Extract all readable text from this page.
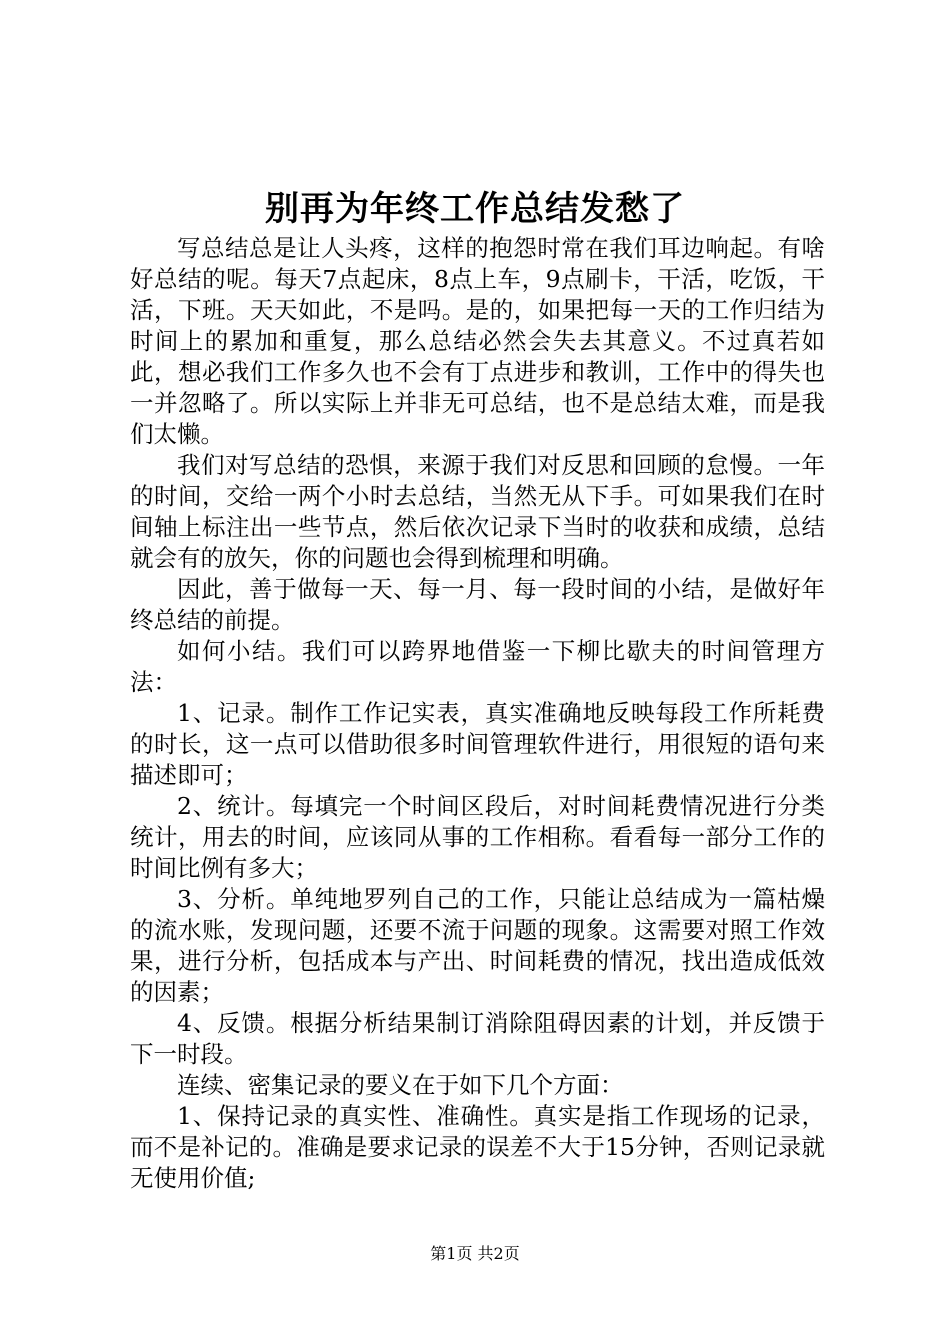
别再为年终工作总结发愁了

写总结总是让人头疼，这样的抱怨时常在我们耳边响起。有啥好总结的呢。每天7点起床，8点上车，9点刷卡，干活，吃饭，干活，下班。天天如此，不是吗。是的，如果把每一天的工作归结为时间上的累加和重复，那么总结必然会失去其意义。不过真若如此，想必我们工作多久也不会有丁点进步和教训，工作中的得失也一并忽略了。所以实际上并非无可总结，也不是总结太难，而是我们太懒。

我们对写总结的恐惧，来源于我们对反思和回顾的怠慢。一年的时间，交给一两个小时去总结，当然无从下手。可如果我们在时间轴上标注出一些节点，然后依次记录下当时的收获和成绩，总结就会有的放矢，你的问题也会得到梳理和明确。

因此，善于做每一天、每一月、每一段时间的小结，是做好年终总结的前提。

如何小结。我们可以跨界地借鉴一下柳比歇夫的时间管理方法：

1、记录。制作工作记实表，真实准确地反映每段工作所耗费的时长，这一点可以借助很多时间管理软件进行，用很短的语句来描述即可；

2、统计。每填完一个时间区段后，对时间耗费情况进行分类统计，用去的时间，应该同从事的工作相称。看看每一部分工作的时间比例有多大；

3、分析。单纯地罗列自己的工作，只能让总结成为一篇枯燥的流水账，发现问题，还要不流于问题的现象。这需要对照工作效果，进行分析，包括成本与产出、时间耗费的情况，找出造成低效的因素；

4、反馈。根据分析结果制订消除阻碍因素的计划，并反馈于下一时段。

连续、密集记录的要义在于如下几个方面：

1、保持记录的真实性、准确性。真实是指工作现场的记录，而不是补记的。准确是要求记录的误差不大于15分钟，否则记录就无使用价值;

第1页 共2页
